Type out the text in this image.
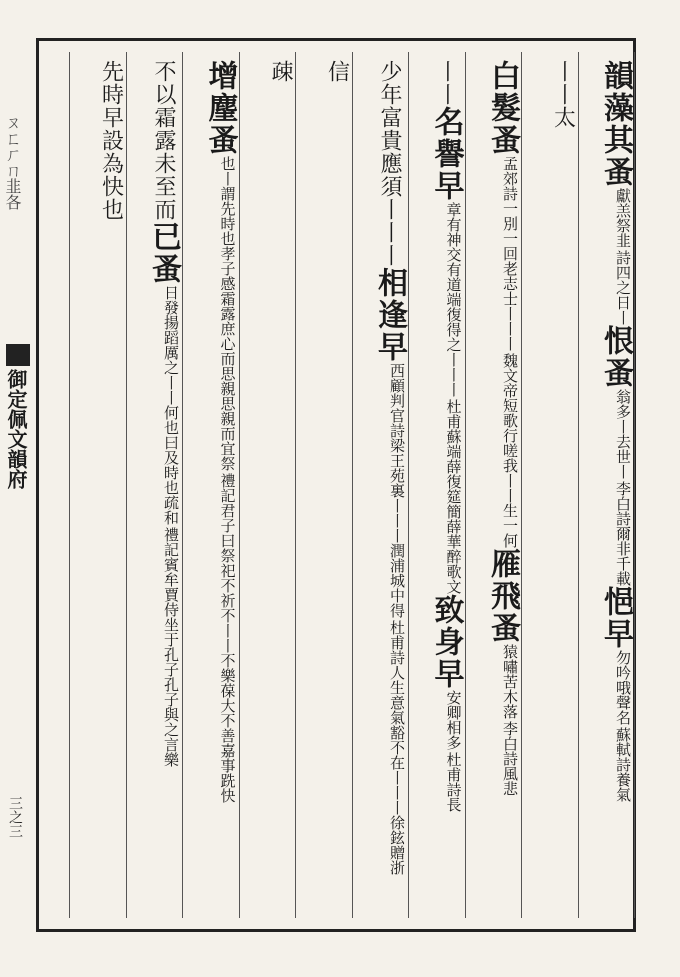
ㄡㄈㄏㄇ韭各
御定佩文韻府
三之三
韻藻其蚤
詩四之日丨
獻羔祭韭
恨蚤
李白詩爾非千載
翁多丨去世丨
悒早
蘇軾詩養氣
勿吟哦聲名
丨丨太
白髮蚤
魏文帝短歌行嗟我丨丨生一何
孟郊詩一別一回老志士丨丨丨
雁飛蚤
李白詩風悲
猿嘯苦木落
丨丨名譽早
杜甫蘇端薛復筵簡薛華醉歌文
章有神交有道端復得之丨丨丨
致身早
杜甫詩長
安卿相多
少年富貴應須丨丨丨相逢早
杜甫詩人生意氣豁不在丨丨丨徐鉉贈浙
西顧判官詩梁王苑裏丨丨丨潤浦城中得
信
疎
增麈蚤
禮記君子曰祭祀不祈不丨丨不樂葆大不善嘉事跣快
也丨謂先時也孝子感霜露庶心而思親思親而宜祭
不以霜露未至而已蚤
禮記賓牟賈侍坐于孔子孔子與之言樂
日發揚蹈厲之丨丨何也曰及時也疏和
先時早設為快也
